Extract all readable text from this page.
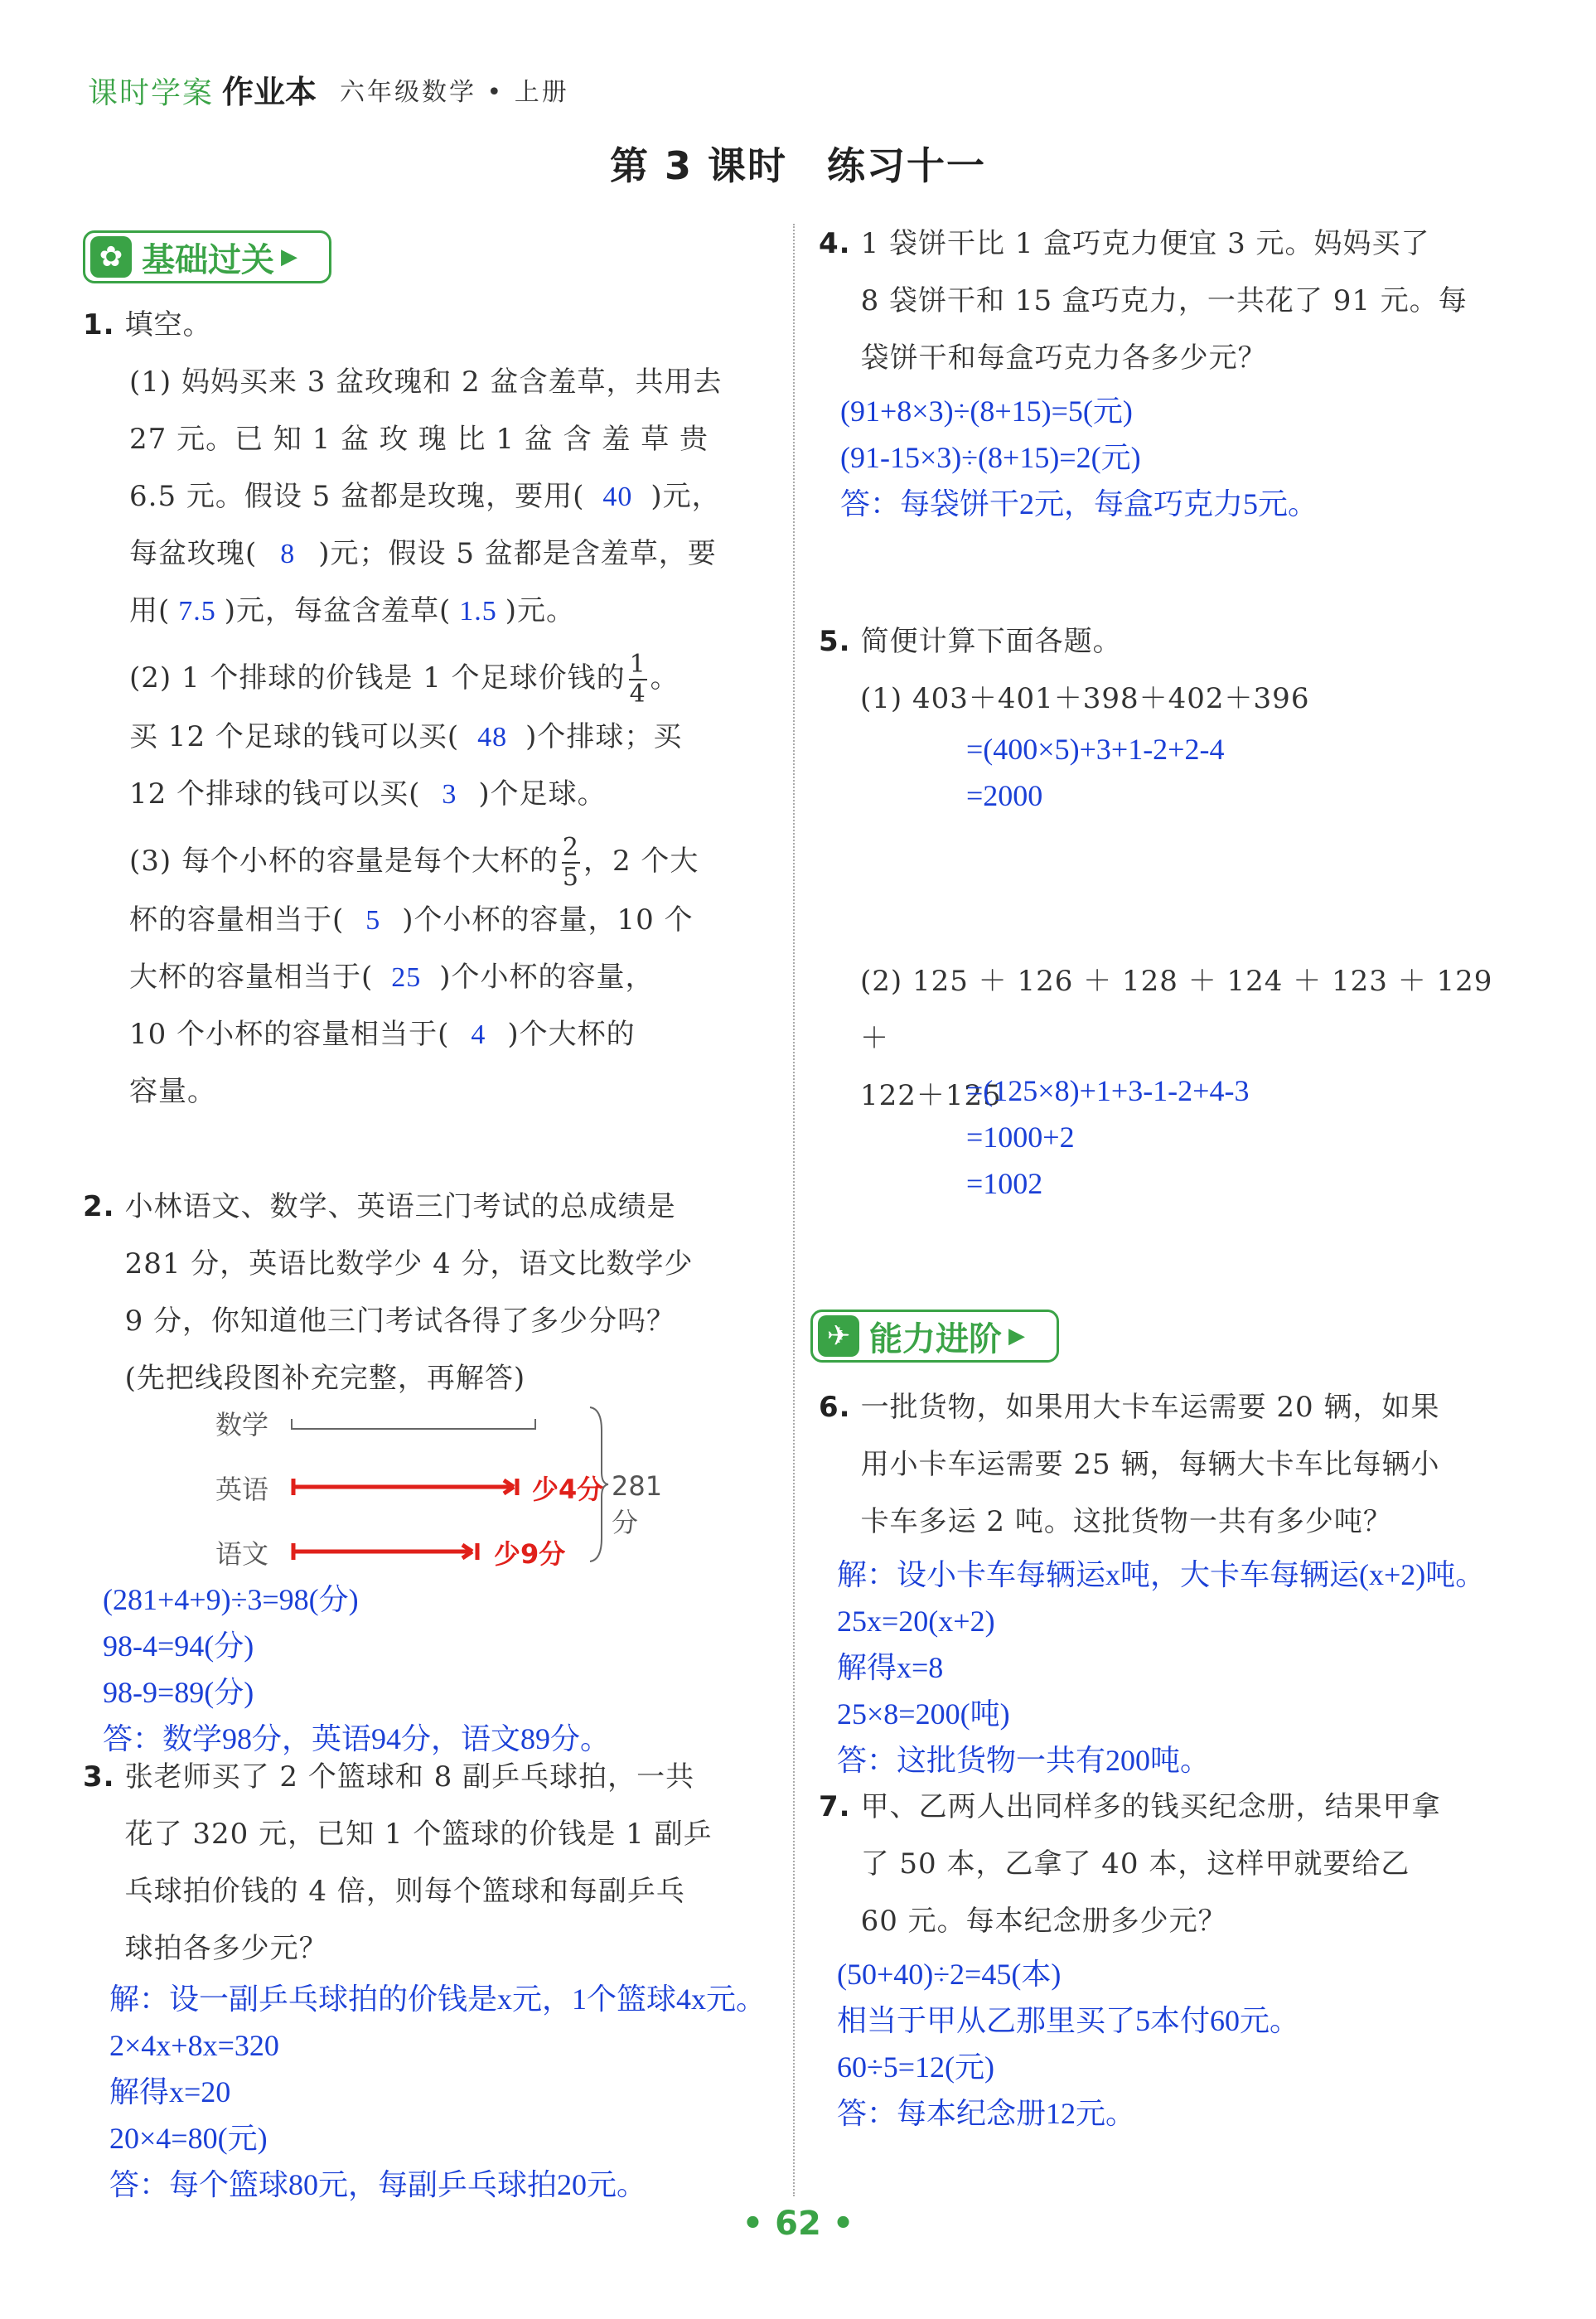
课时学案 作业本 六年级数学 • 上册
第 3 课时　练习十一
✿ 基础过关 ▶
1. 填空。
(1) 妈妈买来 3 盆玫瑰和 2 盆含羞草，共用去
27 元。已 知 1 盆 玫 瑰 比 1 盆 含 羞 草 贵
6.5 元。假设 5 盆都是玫瑰，要用( 40 )元，
每盆玫瑰( 8 )元；假设 5 盆都是含羞草，要
用( 7.5 )元，每盆含羞草( 1.5 )元。
(2) 1 个排球的价钱是 1 个足球价钱的 $\frac{1}{4}$ 。
买 12 个足球的钱可以买( 48 )个排球；买
12 个排球的钱可以买( 3 )个足球。
(3) 每个小杯的容量是每个大杯的 $\frac{2}{5}$ ，2 个大
杯的容量相当于( 5 )个小杯的容量，10 个
大杯的容量相当于( 25 )个小杯的容量，
10 个小杯的容量相当于( 4 )个大杯的
容量。
2. 小林语文、数学、英语三门考试的总成绩是
281 分，英语比数学少 4 分，语文比数学少
9 分，你知道他三门考试各得了多少分吗？
(先把线段图补充完整，再解答)
数学
英语	少4分
语文	少9分
281 分
(281+4+9)÷3=98(分)
98-4=94(分)
98-9=89(分)
答：数学98分，英语94分，语文89分。
3. 张老师买了 2 个篮球和 8 副乒乓球拍，一共
花了 320 元，已知 1 个篮球的价钱是 1 副乒
乓球拍价钱的 4 倍，则每个篮球和每副乒乓
球拍各多少元？
解：设一副乒乓球拍的价钱是x元，1个篮球4x元。
2×4x+8x=320
解得x=20
20×4=80(元)
答：每个篮球80元，每副乒乓球拍20元。
4. 1 袋饼干比 1 盒巧克力便宜 3 元。妈妈买了
8 袋饼干和 15 盒巧克力，一共花了 91 元。每
袋饼干和每盒巧克力各多少元？
(91+8×3)÷(8+15)=5(元)
(91-15×3)÷(8+15)=2(元)
答：每袋饼干2元，每盒巧克力5元。
5. 简便计算下面各题。
(1) 403＋401＋398＋402＋396
=(400×5)+3+1-2+2-4
=2000
(2) 125 ＋ 126 ＋ 128 ＋ 124 ＋ 123 ＋ 129 ＋
122＋125
=(125×8)+1+3-1-2+4-3
=1000+2
=1002
✈ 能力进阶 ▶
6. 一批货物，如果用大卡车运需要 20 辆，如果
用小卡车运需要 25 辆，每辆大卡车比每辆小
卡车多运 2 吨。这批货物一共有多少吨？
解：设小卡车每辆运x吨，大卡车每辆运(x+2)吨。
25x=20(x+2)
解得x=8
25×8=200(吨)
答：这批货物一共有200吨。
7. 甲、乙两人出同样多的钱买纪念册，结果甲拿
了 50 本，乙拿了 40 本，这样甲就要给乙
60 元。每本纪念册多少元？
(50+40)÷2=45(本)
相当于甲从乙那里买了5本付60元。
60÷5=12(元)
答：每本纪念册12元。
• 62 •
